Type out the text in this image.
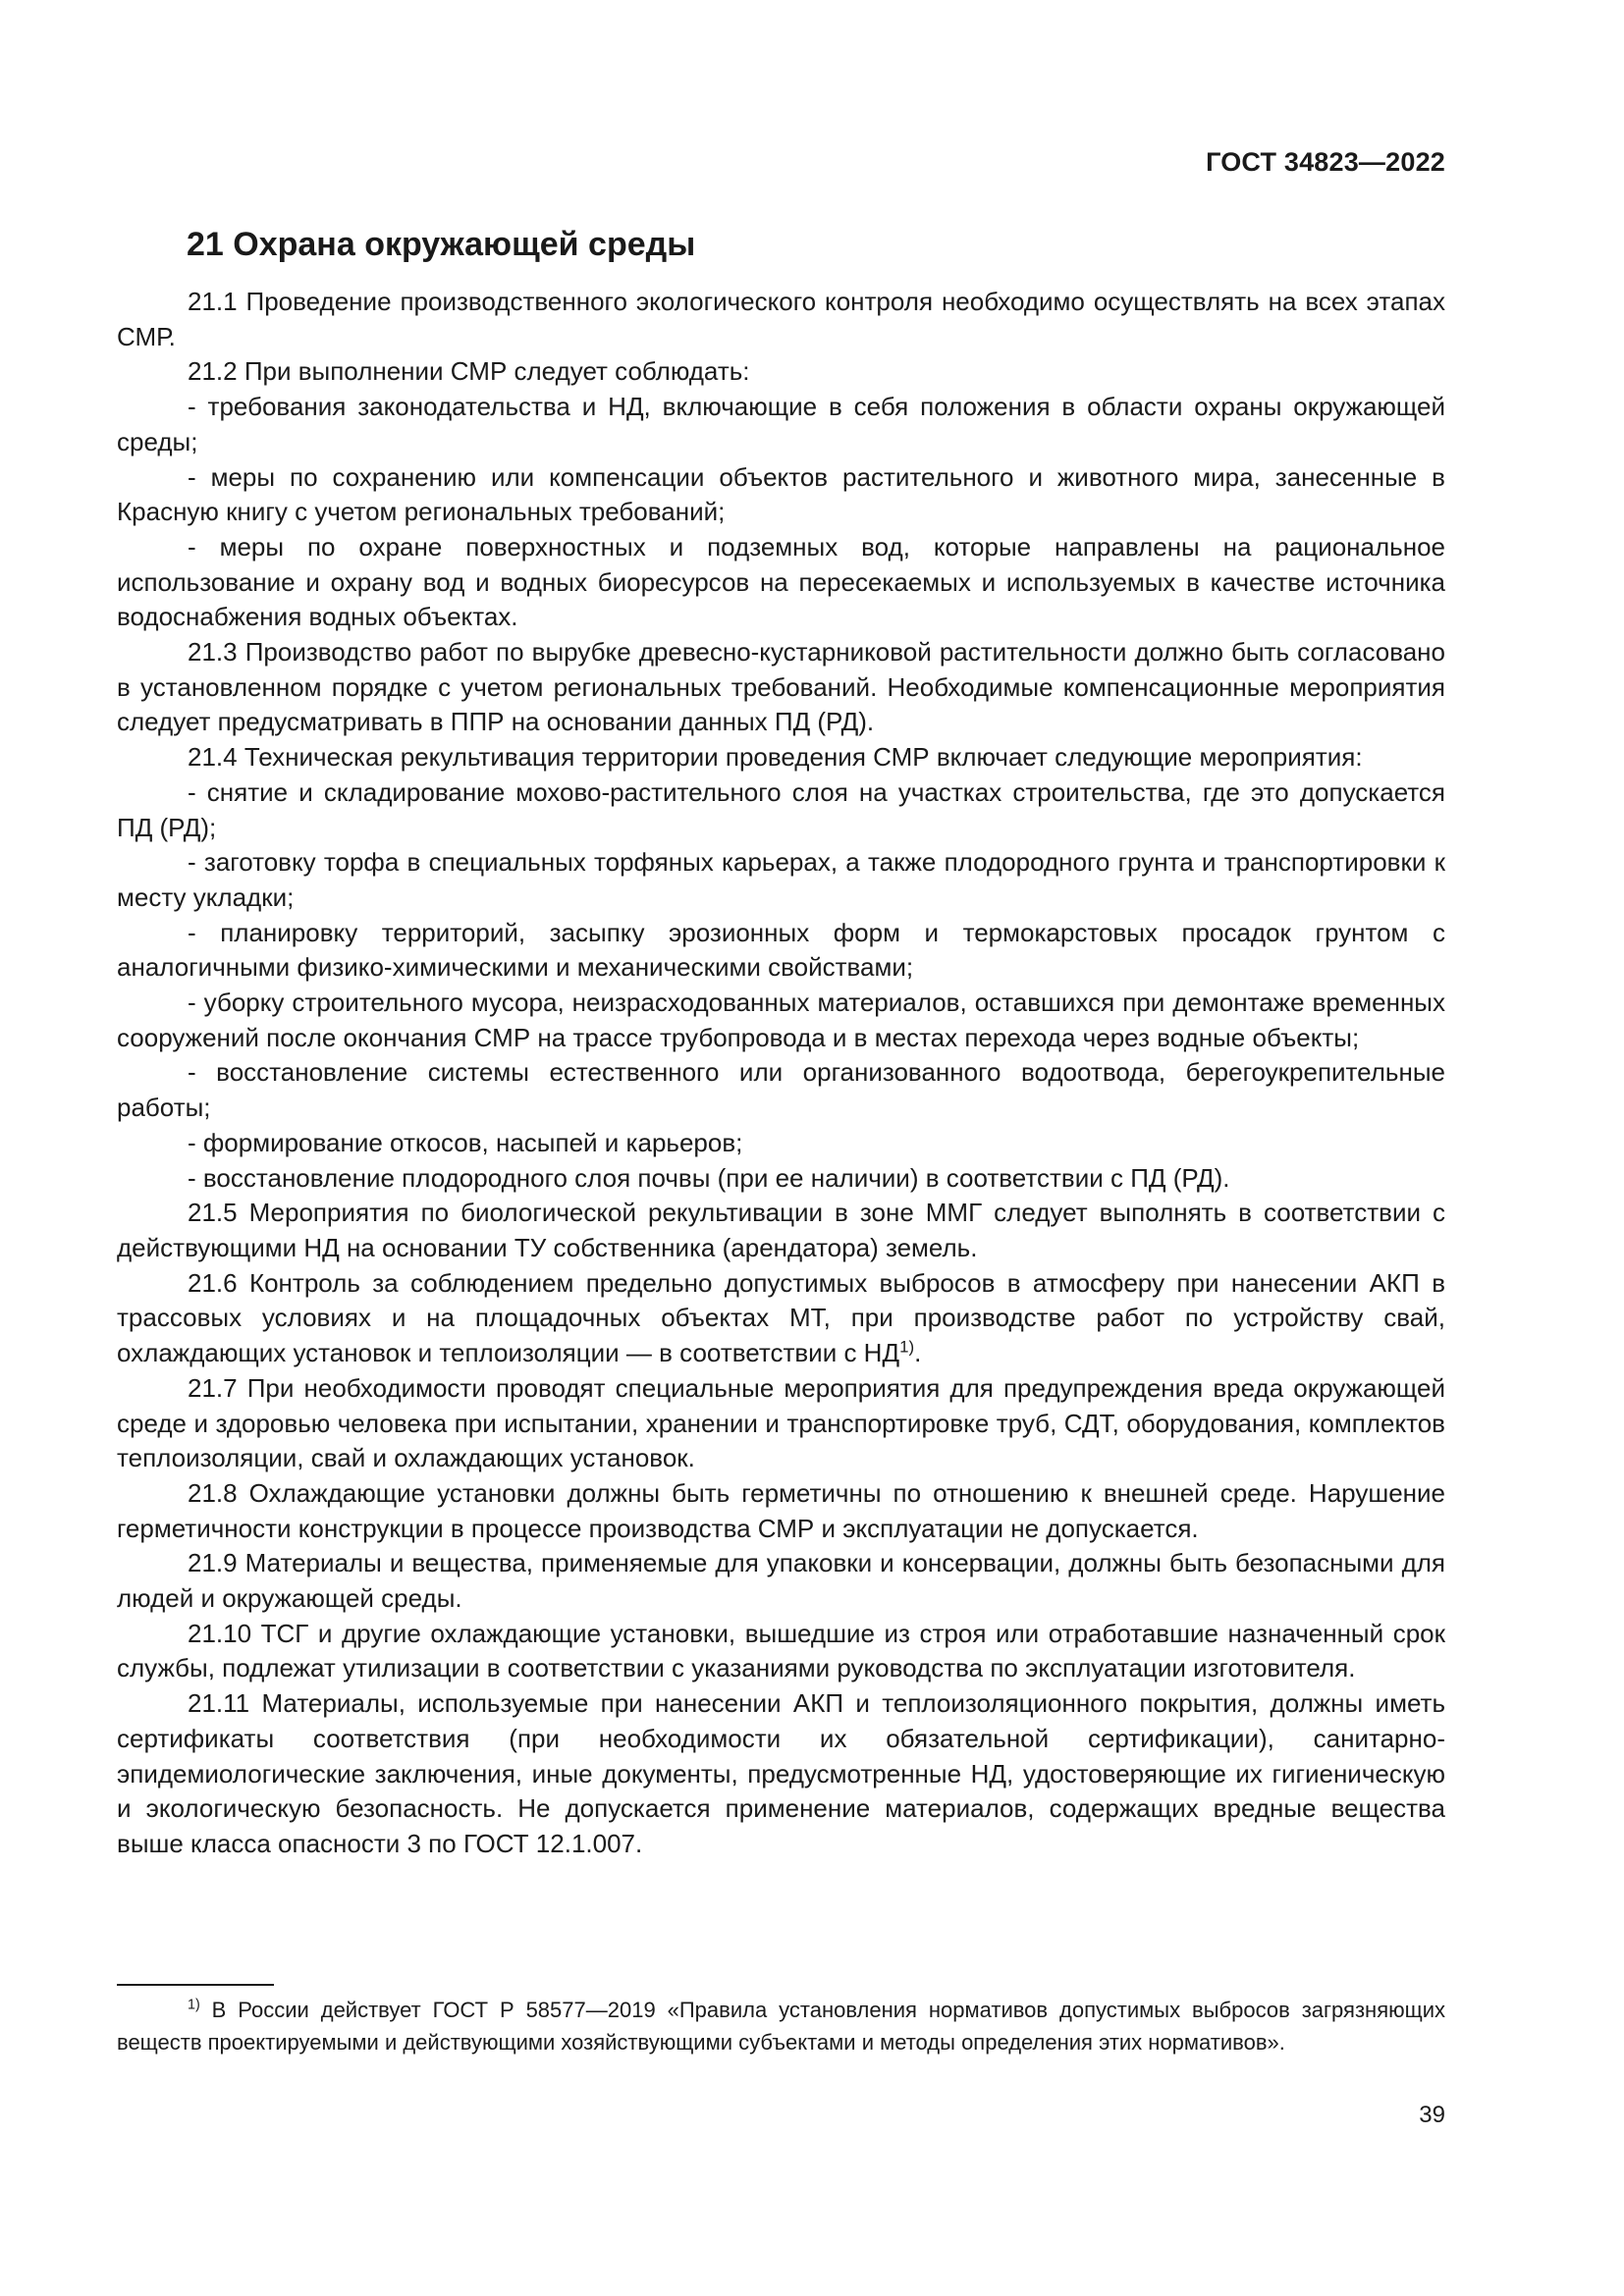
ГОСТ 34823—2022
21 Охрана окружающей среды

21.1 Проведение производственного экологического контроля необходимо осуществлять на всех этапах СМР.

21.2 При выполнении СМР следует соблюдать:

- требования законодательства и НД, включающие в себя положения в области охраны окружающей среды;

- меры по сохранению или компенсации объектов растительного и животного мира, занесенные в Красную книгу с учетом региональных требований;

- меры по охране поверхностных и подземных вод, которые направлены на рациональное использование и охрану вод и водных биоресурсов на пересекаемых и используемых в качестве источника водоснабжения водных объектах.

21.3 Производство работ по вырубке древесно-кустарниковой растительности должно быть согласовано в установленном порядке с учетом региональных требований. Необходимые компенсационные мероприятия следует предусматривать в ППР на основании данных ПД (РД).

21.4 Техническая рекультивация территории проведения СМР включает следующие мероприятия:

- снятие и складирование мохово-растительного слоя на участках строительства, где это допускается ПД (РД);

- заготовку торфа в специальных торфяных карьерах, а также плодородного грунта и транспортировки к месту укладки;

- планировку территорий, засыпку эрозионных форм и термокарстовых просадок грунтом с аналогичными физико-химическими и механическими свойствами;

- уборку строительного мусора, неизрасходованных материалов, оставшихся при демонтаже временных сооружений после окончания СМР на трассе трубопровода и в местах перехода через водные объекты;

- восстановление системы естественного или организованного водоотвода, берегоукрепительные работы;

- формирование откосов, насыпей и карьеров;

- восстановление плодородного слоя почвы (при ее наличии) в соответствии с ПД (РД).

21.5 Мероприятия по биологической рекультивации в зоне ММГ следует выполнять в соответствии с действующими НД на основании ТУ собственника (арендатора) земель.

21.6 Контроль за соблюдением предельно допустимых выбросов в атмосферу при нанесении АКП в трассовых условиях и на площадочных объектах МТ, при производстве работ по устройству свай, охлаждающих установок и теплоизоляции — в соответствии с НД$^{1)}$.

21.7 При необходимости проводят специальные мероприятия для предупреждения вреда окружающей среде и здоровью человека при испытании, хранении и транспортировке труб, СДТ, оборудования, комплектов теплоизоляции, свай и охлаждающих установок.

21.8 Охлаждающие установки должны быть герметичны по отношению к внешней среде. Нарушение герметичности конструкции в процессе производства СМР и эксплуатации не допускается.

21.9 Материалы и вещества, применяемые для упаковки и консервации, должны быть безопасными для людей и окружающей среды.

21.10 ТСГ и другие охлаждающие установки, вышедшие из строя или отработавшие назначенный срок службы, подлежат утилизации в соответствии с указаниями руководства по эксплуатации изготовителя.

21.11 Материалы, используемые при нанесении АКП и теплоизоляционного покрытия, должны иметь сертификаты соответствия (при необходимости их обязательной сертификации), санитарно-эпидемиологические заключения, иные документы, предусмотренные НД, удостоверяющие их гигиеническую и экологическую безопасность. Не допускается применение материалов, содержащих вредные вещества выше класса опасности 3 по ГОСТ 12.1.007.

$^{1)}$ В России действует ГОСТ Р 58577—2019 «Правила установления нормативов допустимых выбросов загрязняющих веществ проектируемыми и действующими хозяйствующими субъектами и методы определения этих нормативов».

39
